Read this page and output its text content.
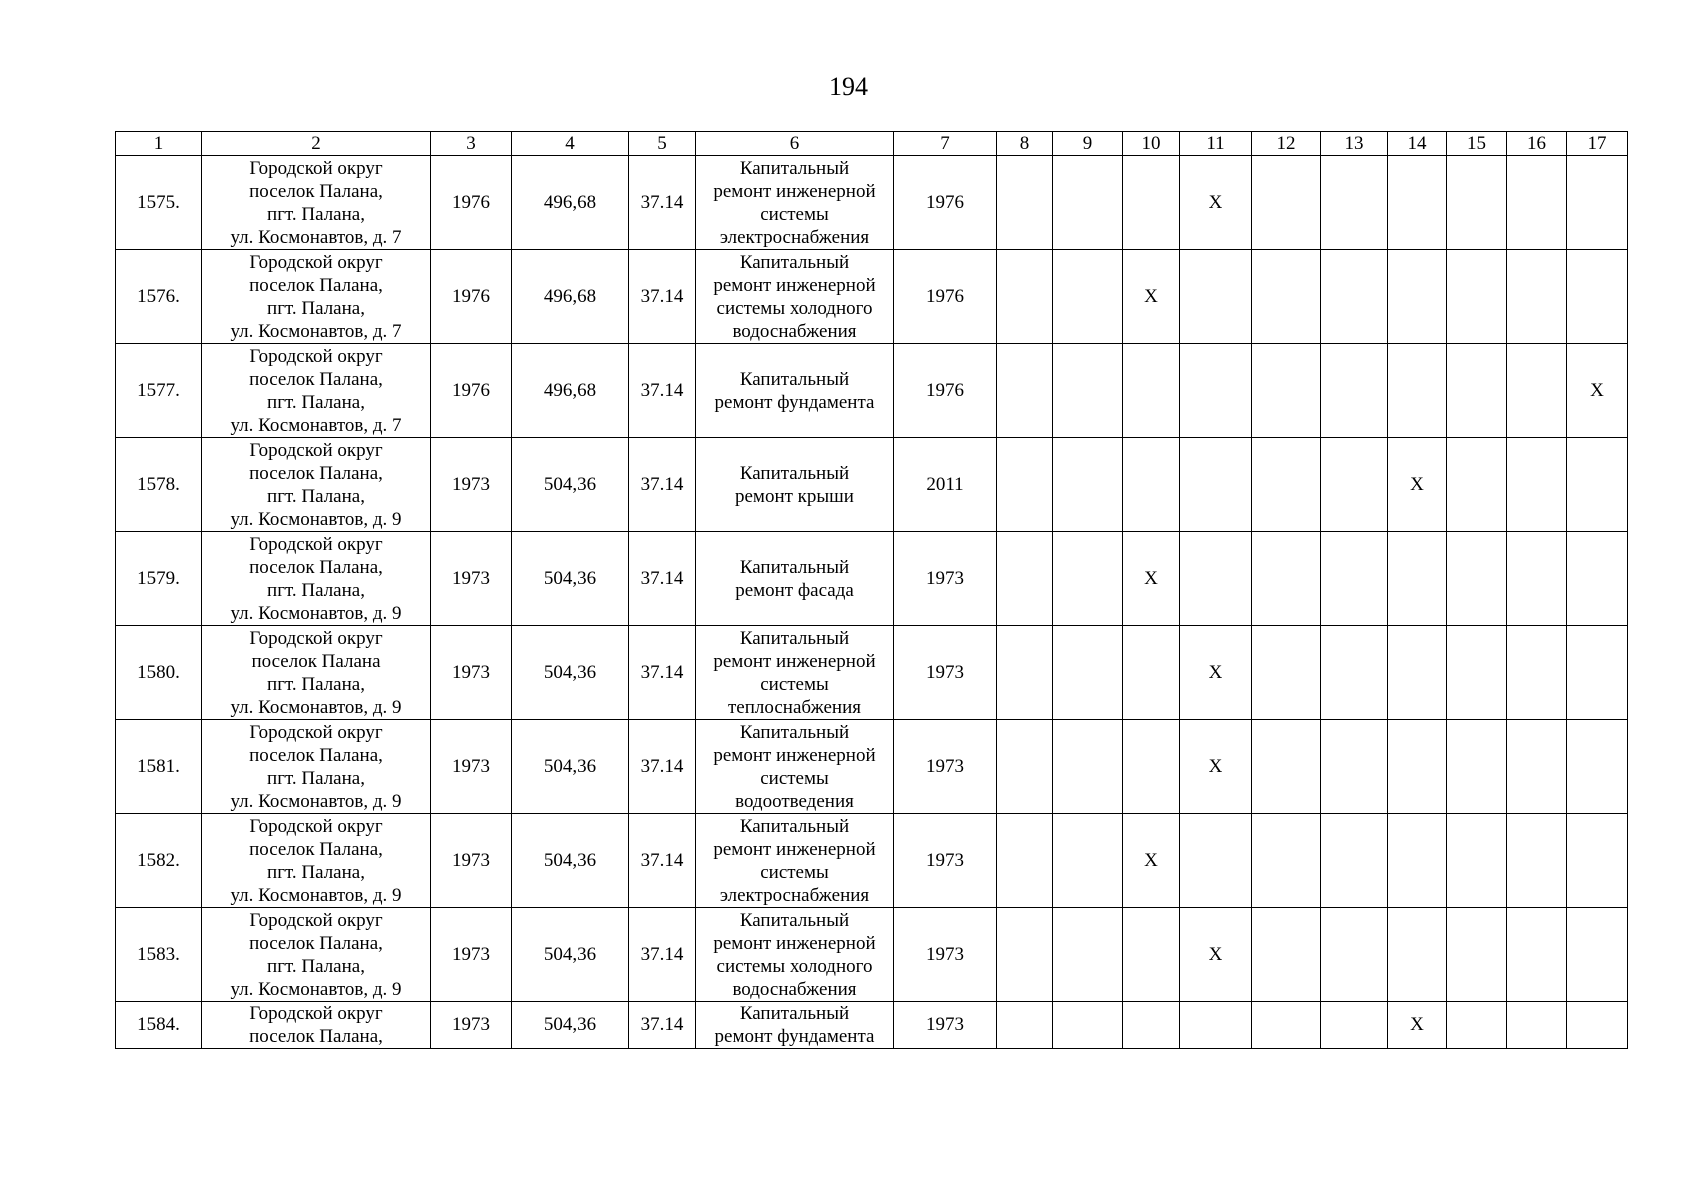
194
1	2	3	4	5	6	7	8	9	10	11	12	13	14	15	16	17
1575.	Городской округ
поселок Палана,
пгт. Палана,
ул. Космонавтов, д. 7	1976	496,68	37.14	Капитальный
ремонт инженерной
системы
электроснабжения	1976				X						
1576.	Городской округ
поселок Палана,
пгт. Палана,
ул. Космонавтов, д. 7	1976	496,68	37.14	Капитальный
ремонт инженерной
системы холодного
водоснабжения	1976			X							
1577.	Городской округ
поселок Палана,
пгт. Палана,
ул. Космонавтов, д. 7	1976	496,68	37.14	Капитальный
ремонт фундамента	1976										X
1578.	Городской округ
поселок Палана,
пгт. Палана,
ул. Космонавтов, д. 9	1973	504,36	37.14	Капитальный
ремонт крыши	2011							X			
1579.	Городской округ
поселок Палана,
пгт. Палана,
ул. Космонавтов, д. 9	1973	504,36	37.14	Капитальный
ремонт фасада	1973			X							
1580.	Городской округ
поселок Палана
пгт. Палана,
ул. Космонавтов, д. 9	1973	504,36	37.14	Капитальный
ремонт инженерной
системы
теплоснабжения	1973				X						
1581.	Городской округ
поселок Палана,
пгт. Палана,
ул. Космонавтов, д. 9	1973	504,36	37.14	Капитальный
ремонт инженерной
системы
водоотведения	1973				X						
1582.	Городской округ
поселок Палана,
пгт. Палана,
ул. Космонавтов, д. 9	1973	504,36	37.14	Капитальный
ремонт инженерной
системы
электроснабжения	1973			X							
1583.	Городской округ
поселок Палана,
пгт. Палана,
ул. Космонавтов, д. 9	1973	504,36	37.14	Капитальный
ремонт инженерной
системы холодного
водоснабжения	1973				X						
1584.	Городской округ
поселок Палана,	1973	504,36	37.14	Капитальный
ремонт фундамента	1973							X			
